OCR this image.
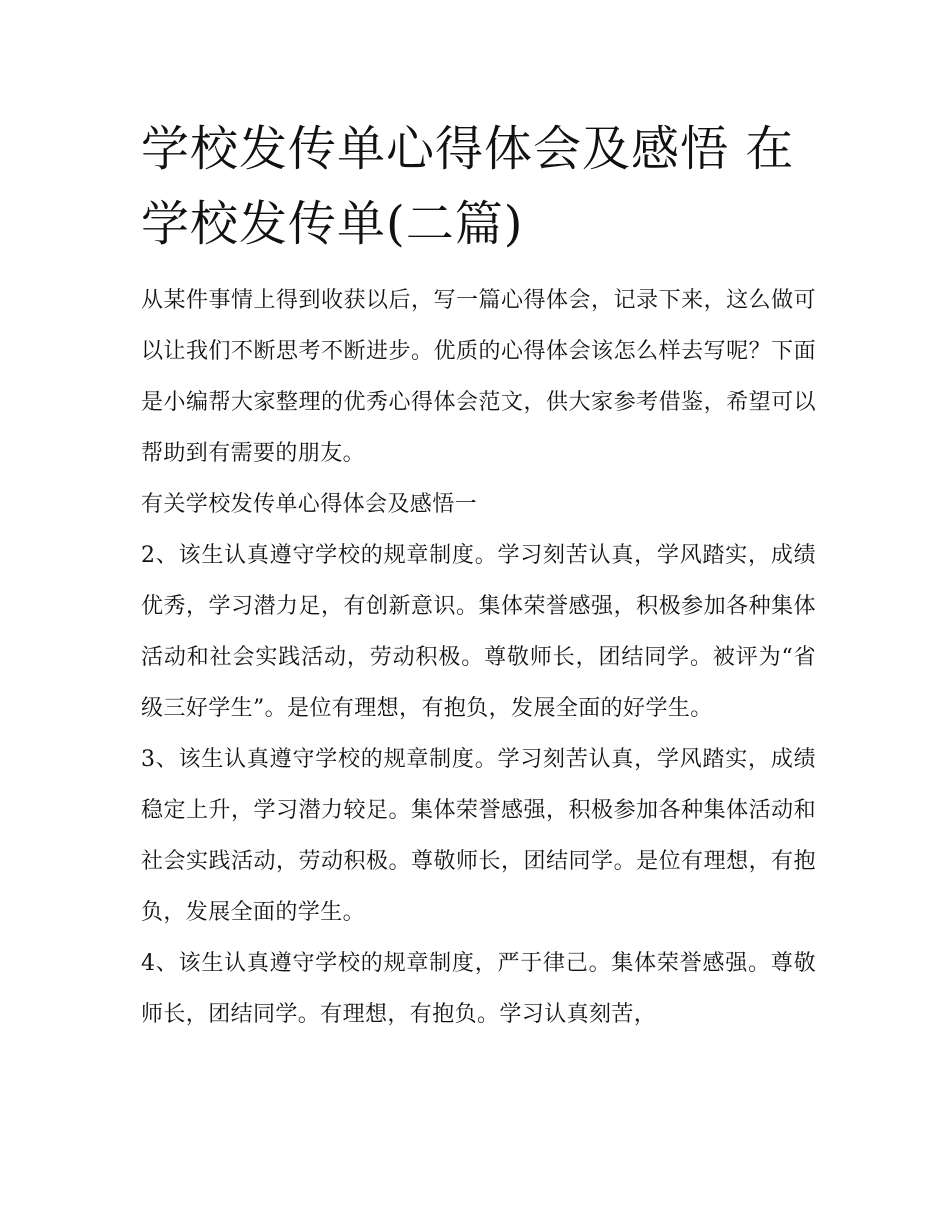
学校发传单心得体会及感悟 在学校发传单(二篇)

从某件事情上得到收获以后，写一篇心得体会，记录下来，这么做可以让我们不断思考不断进步。优质的心得体会该怎么样去写呢？下面是小编帮大家整理的优秀心得体会范文，供大家参考借鉴，希望可以帮助到有需要的朋友。

有关学校发传单心得体会及感悟一

2、该生认真遵守学校的规章制度。学习刻苦认真，学风踏实，成绩优秀，学习潜力足，有创新意识。集体荣誉感强，积极参加各种集体活动和社会实践活动，劳动积极。尊敬师长，团结同学。被评为“省级三好学生”。是位有理想，有抱负，发展全面的好学生。

3、该生认真遵守学校的规章制度。学习刻苦认真，学风踏实，成绩稳定上升，学习潜力较足。集体荣誉感强，积极参加各种集体活动和社会实践活动，劳动积极。尊敬师长，团结同学。是位有理想，有抱负，发展全面的学生。

4、该生认真遵守学校的规章制度，严于律己。集体荣誉感强。尊敬师长，团结同学。有理想，有抱负。学习认真刻苦，
